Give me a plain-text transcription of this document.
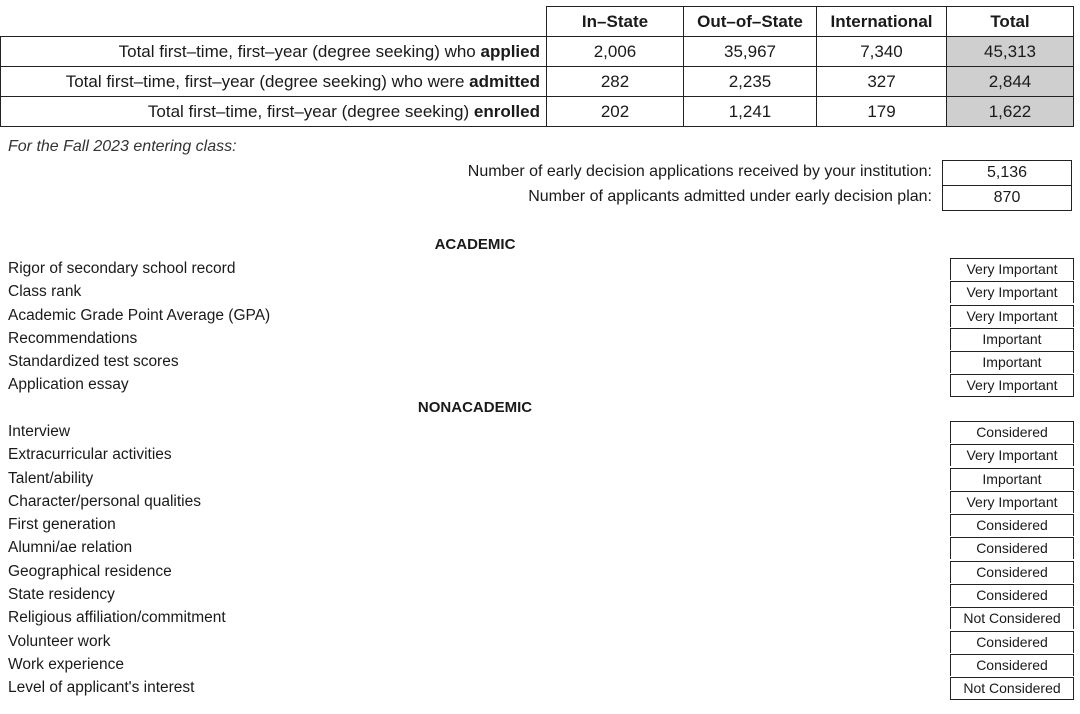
	In–State	Out–of–State	International	Total
Total first–time, first–year (degree seeking) who applied	2,006	35,967	7,340	45,313
Total first–time, first–year (degree seeking) who were admitted	282	2,235	327	2,844
Total first–time, first–year (degree seeking) enrolled	202	1,241	179	1,622
For the Fall 2023 entering class:
Number of early decision applications received by your institution:	5,136
Number of applicants admitted under early decision plan:	870
ACADEMIC
Rigor of secondary school record	Very Important
Class rank	Very Important
Academic Grade Point Average (GPA)	Very Important
Recommendations	Important
Standardized test scores	Important
Application essay	Very Important
NONACADEMIC
Interview	Considered
Extracurricular activities	Very Important
Talent/ability	Important
Character/personal qualities	Very Important
First generation	Considered
Alumni/ae relation	Considered
Geographical residence	Considered
State residency	Considered
Religious affiliation/commitment	Not Considered
Volunteer work	Considered
Work experience	Considered
Level of applicant's interest	Not Considered
